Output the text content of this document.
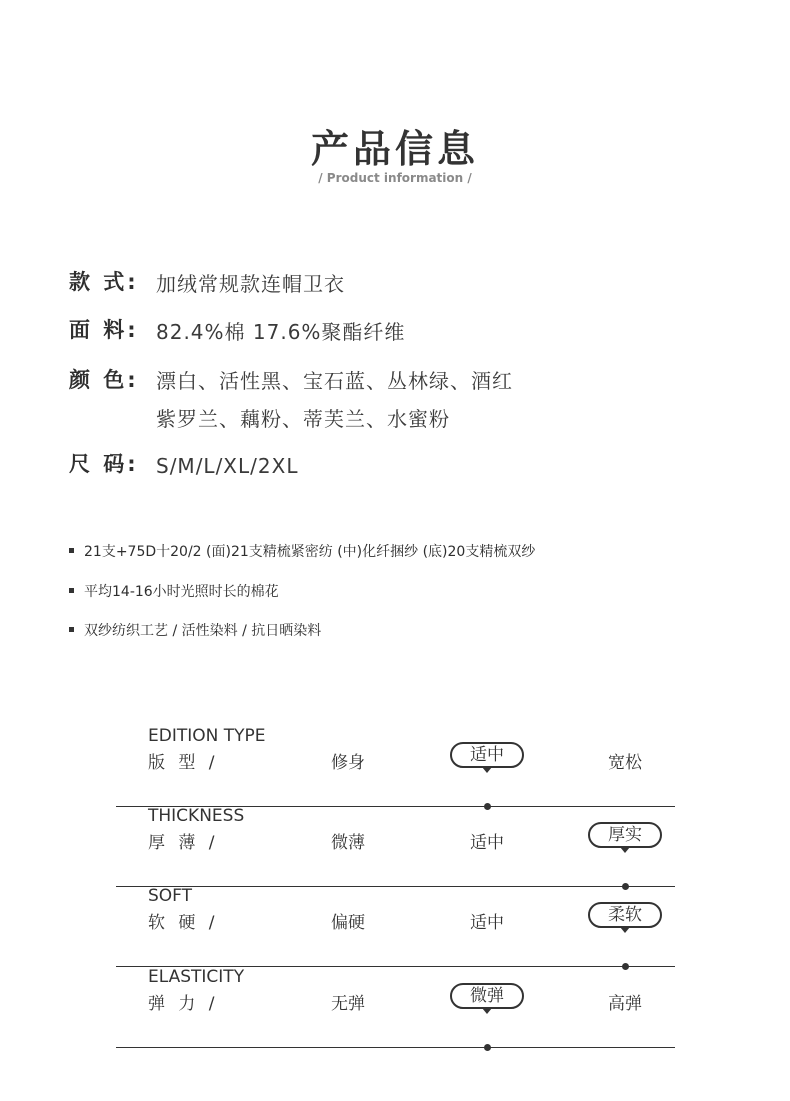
产品信息
/ Product information /
款 式: 加绒常规款连帽卫衣
面 料: 82.4%棉 17.6%聚酯纤维
颜 色: 漂白、活性黑、宝石蓝、丛林绿、酒红
紫罗兰、藕粉、蒂芙兰、水蜜粉
尺 码: S/M/L/XL/2XL
21支+75D十20/2 (面)21支精梳紧密纺 (中)化纤捆纱 (底)20支精梳双纱
平均14-16小时光照时长的棉花
双纱纺织工艺 / 活性染料 / 抗日晒染料
EDITION TYPE
版 型 /	修身	适中	宽松
THICKNESS
厚 薄 /	微薄	适中	厚实
SOFT
软 硬 /	偏硬	适中	柔软
ELASTICITY
弹 力 /	无弹	微弹	高弹
